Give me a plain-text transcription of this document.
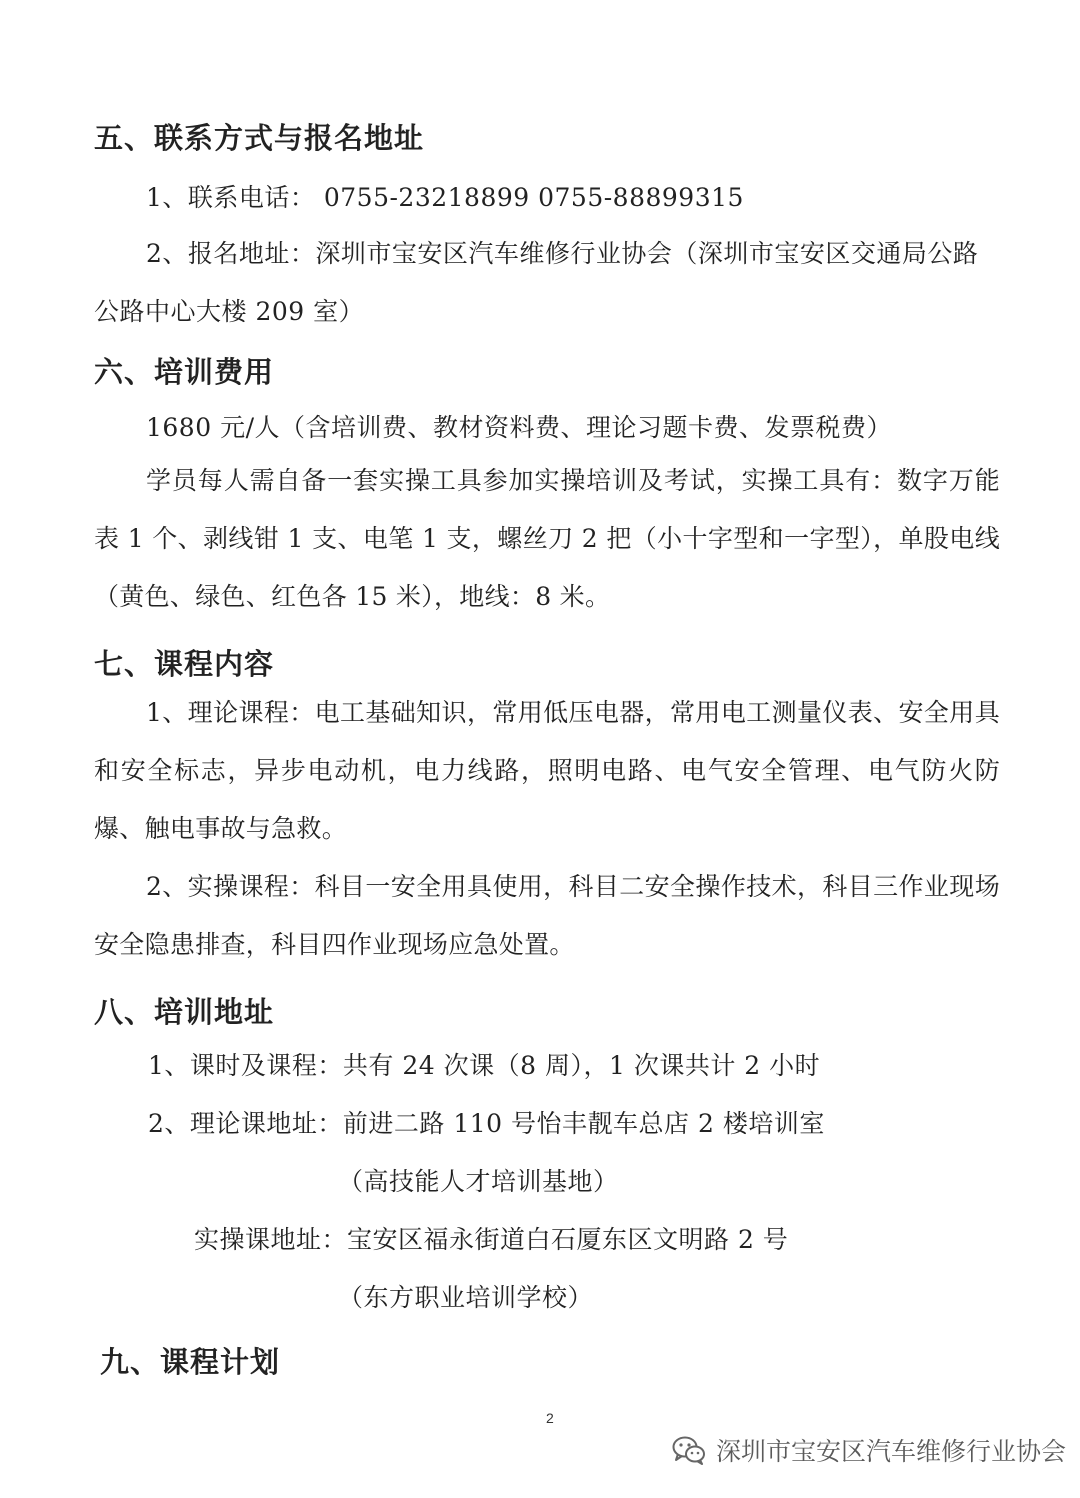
五、联系方式与报名地址
1、联系电话： 0755-23218899 0755-88899315
2、报名地址：深圳市宝安区汽车维修行业协会（深圳市宝安区交通局公路
公路中心大楼 209 室）
六、培训费用
1680 元/人（含培训费、教材资料费、理论习题卡费、发票税费）
学员每人需自备一套实操工具参加实操培训及考试，实操工具有：数字万能表 1 个、剥线钳 1 支、电笔 1 支，螺丝刀 2 把（小十字型和一字型），单股电线（黄色、绿色、红色各 15 米），地线：8 米。
七、课程内容
1、理论课程：电工基础知识，常用低压电器，常用电工测量仪表、安全用具和安全标志，异步电动机，电力线路，照明电路、电气安全管理、电气防火防爆、触电事故与急救。
2、实操课程：科目一安全用具使用，科目二安全操作技术，科目三作业现场安全隐患排查，科目四作业现场应急处置。
八、培训地址
1、课时及课程：共有 24 次课（8 周），1 次课共计 2 小时
2、理论课地址：前进二路 110 号怡丰靓车总店 2 楼培训室
（高技能人才培训基地）
实操课地址：宝安区福永街道白石厦东区文明路 2 号
（东方职业培训学校）
九、课程计划
2
深圳市宝安区汽车维修行业协会
